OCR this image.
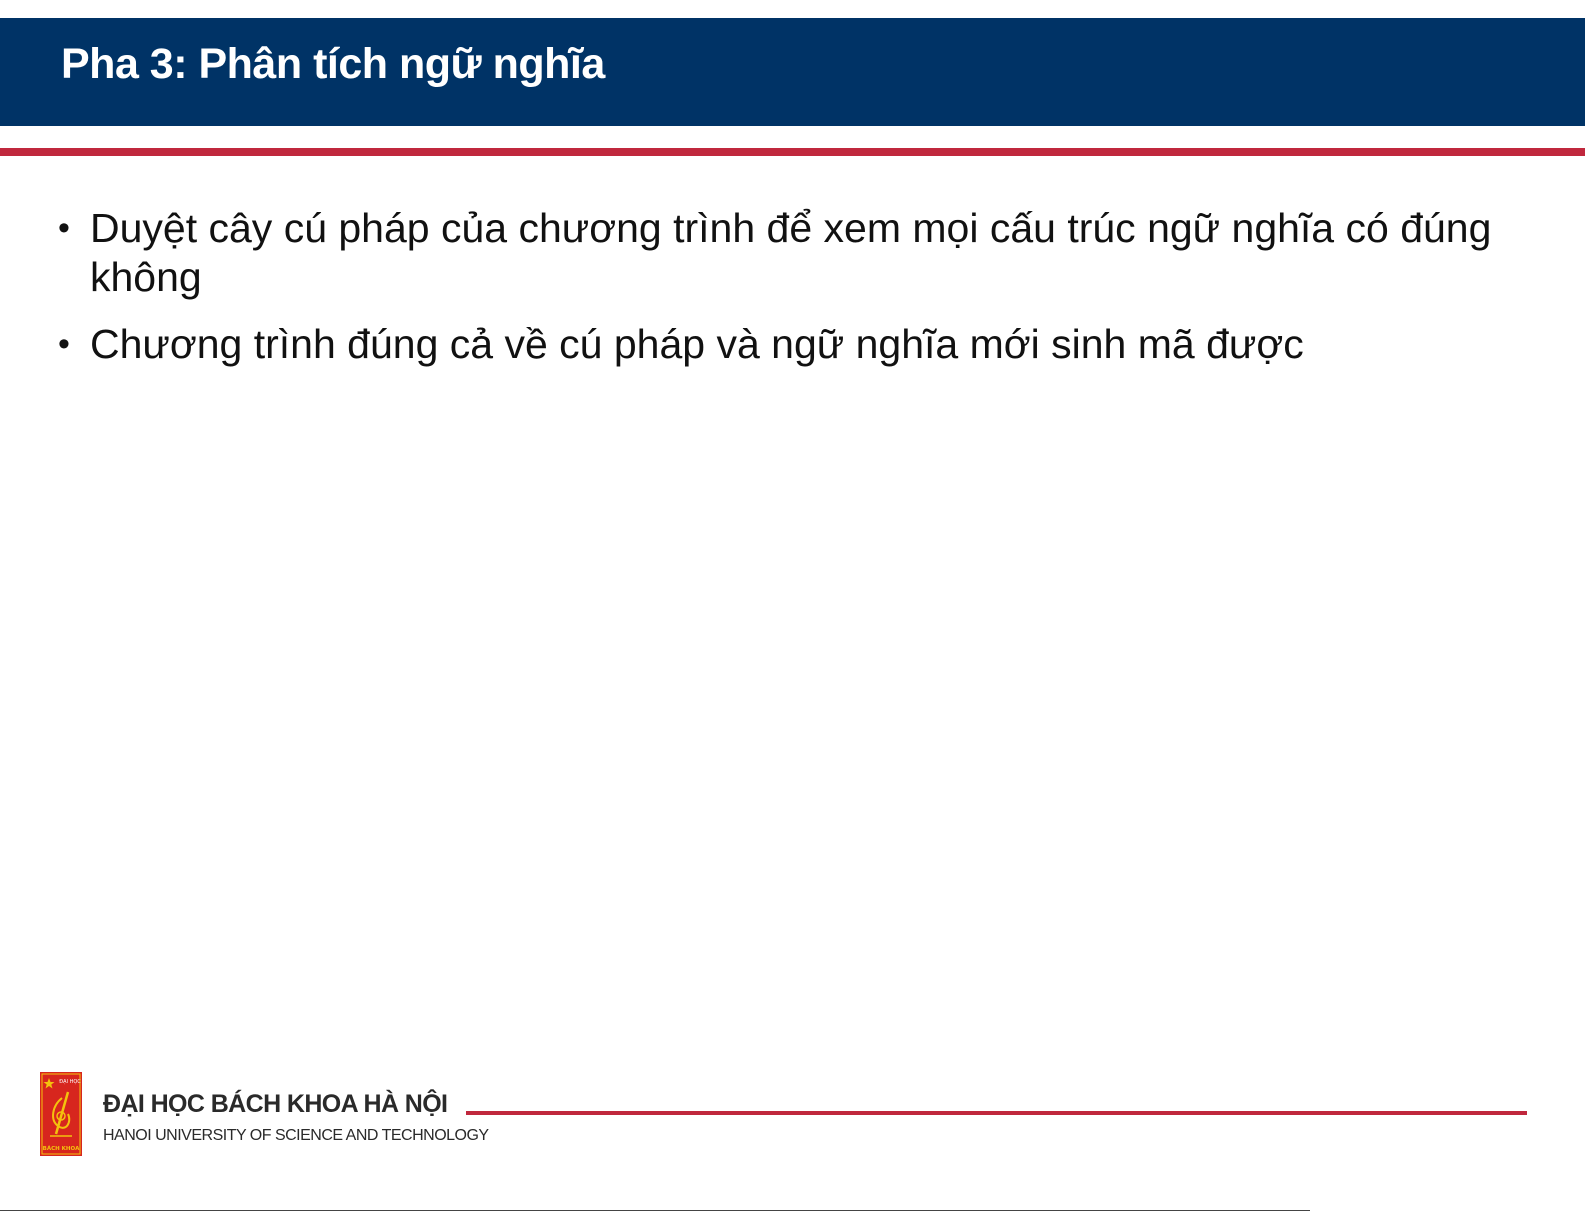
Pha 3: Phân tích ngữ nghĩa
• Duyệt cây cú pháp của chương trình để xem mọi cấu trúc ngữ nghĩa có đúng không
• Chương trình đúng cả về cú pháp và ngữ nghĩa mới sinh mã được
ĐẠI HỌC
BÁCH KHOA
ĐẠI HỌC BÁCH KHOA HÀ NỘI
HANOI UNIVERSITY OF SCIENCE AND TECHNOLOGY
